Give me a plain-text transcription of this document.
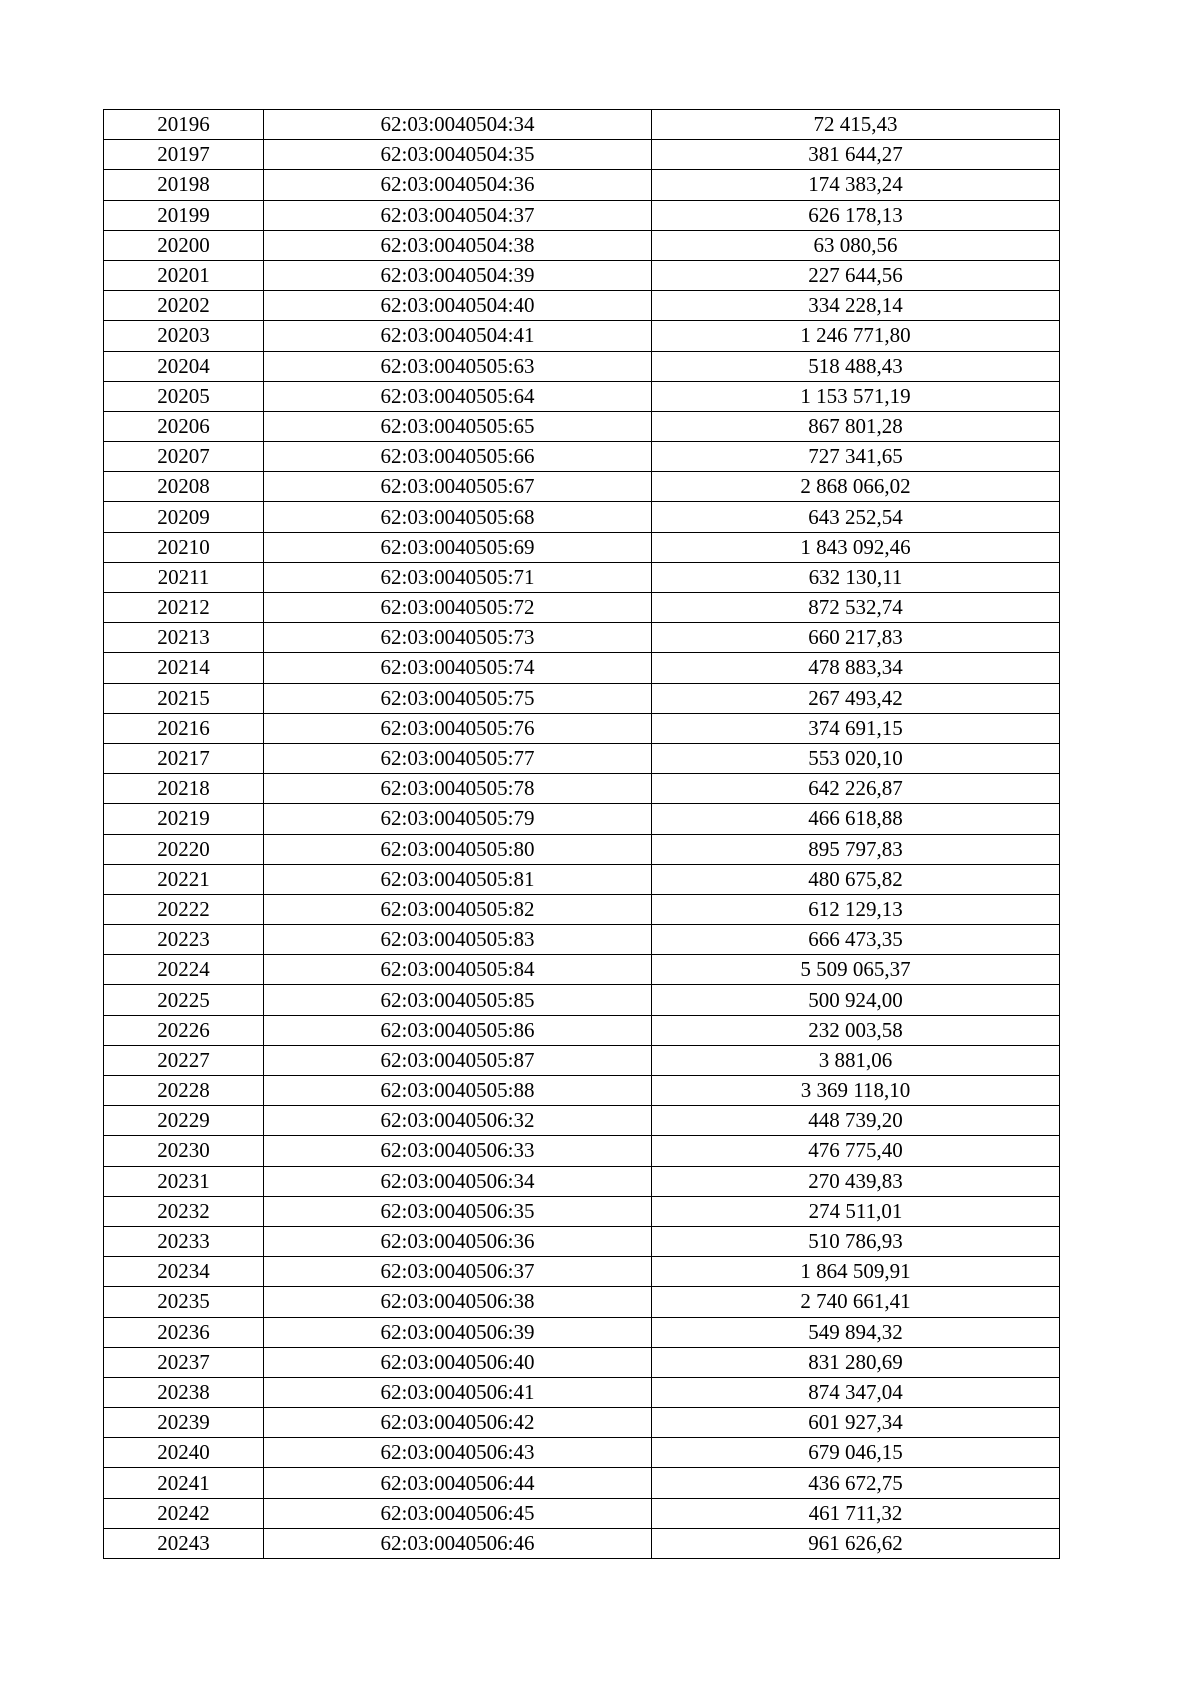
20196	62:03:0040504:34	72 415,43
20197	62:03:0040504:35	381 644,27
20198	62:03:0040504:36	174 383,24
20199	62:03:0040504:37	626 178,13
20200	62:03:0040504:38	63 080,56
20201	62:03:0040504:39	227 644,56
20202	62:03:0040504:40	334 228,14
20203	62:03:0040504:41	1 246 771,80
20204	62:03:0040505:63	518 488,43
20205	62:03:0040505:64	1 153 571,19
20206	62:03:0040505:65	867 801,28
20207	62:03:0040505:66	727 341,65
20208	62:03:0040505:67	2 868 066,02
20209	62:03:0040505:68	643 252,54
20210	62:03:0040505:69	1 843 092,46
20211	62:03:0040505:71	632 130,11
20212	62:03:0040505:72	872 532,74
20213	62:03:0040505:73	660 217,83
20214	62:03:0040505:74	478 883,34
20215	62:03:0040505:75	267 493,42
20216	62:03:0040505:76	374 691,15
20217	62:03:0040505:77	553 020,10
20218	62:03:0040505:78	642 226,87
20219	62:03:0040505:79	466 618,88
20220	62:03:0040505:80	895 797,83
20221	62:03:0040505:81	480 675,82
20222	62:03:0040505:82	612 129,13
20223	62:03:0040505:83	666 473,35
20224	62:03:0040505:84	5 509 065,37
20225	62:03:0040505:85	500 924,00
20226	62:03:0040505:86	232 003,58
20227	62:03:0040505:87	3 881,06
20228	62:03:0040505:88	3 369 118,10
20229	62:03:0040506:32	448 739,20
20230	62:03:0040506:33	476 775,40
20231	62:03:0040506:34	270 439,83
20232	62:03:0040506:35	274 511,01
20233	62:03:0040506:36	510 786,93
20234	62:03:0040506:37	1 864 509,91
20235	62:03:0040506:38	2 740 661,41
20236	62:03:0040506:39	549 894,32
20237	62:03:0040506:40	831 280,69
20238	62:03:0040506:41	874 347,04
20239	62:03:0040506:42	601 927,34
20240	62:03:0040506:43	679 046,15
20241	62:03:0040506:44	436 672,75
20242	62:03:0040506:45	461 711,32
20243	62:03:0040506:46	961 626,62
